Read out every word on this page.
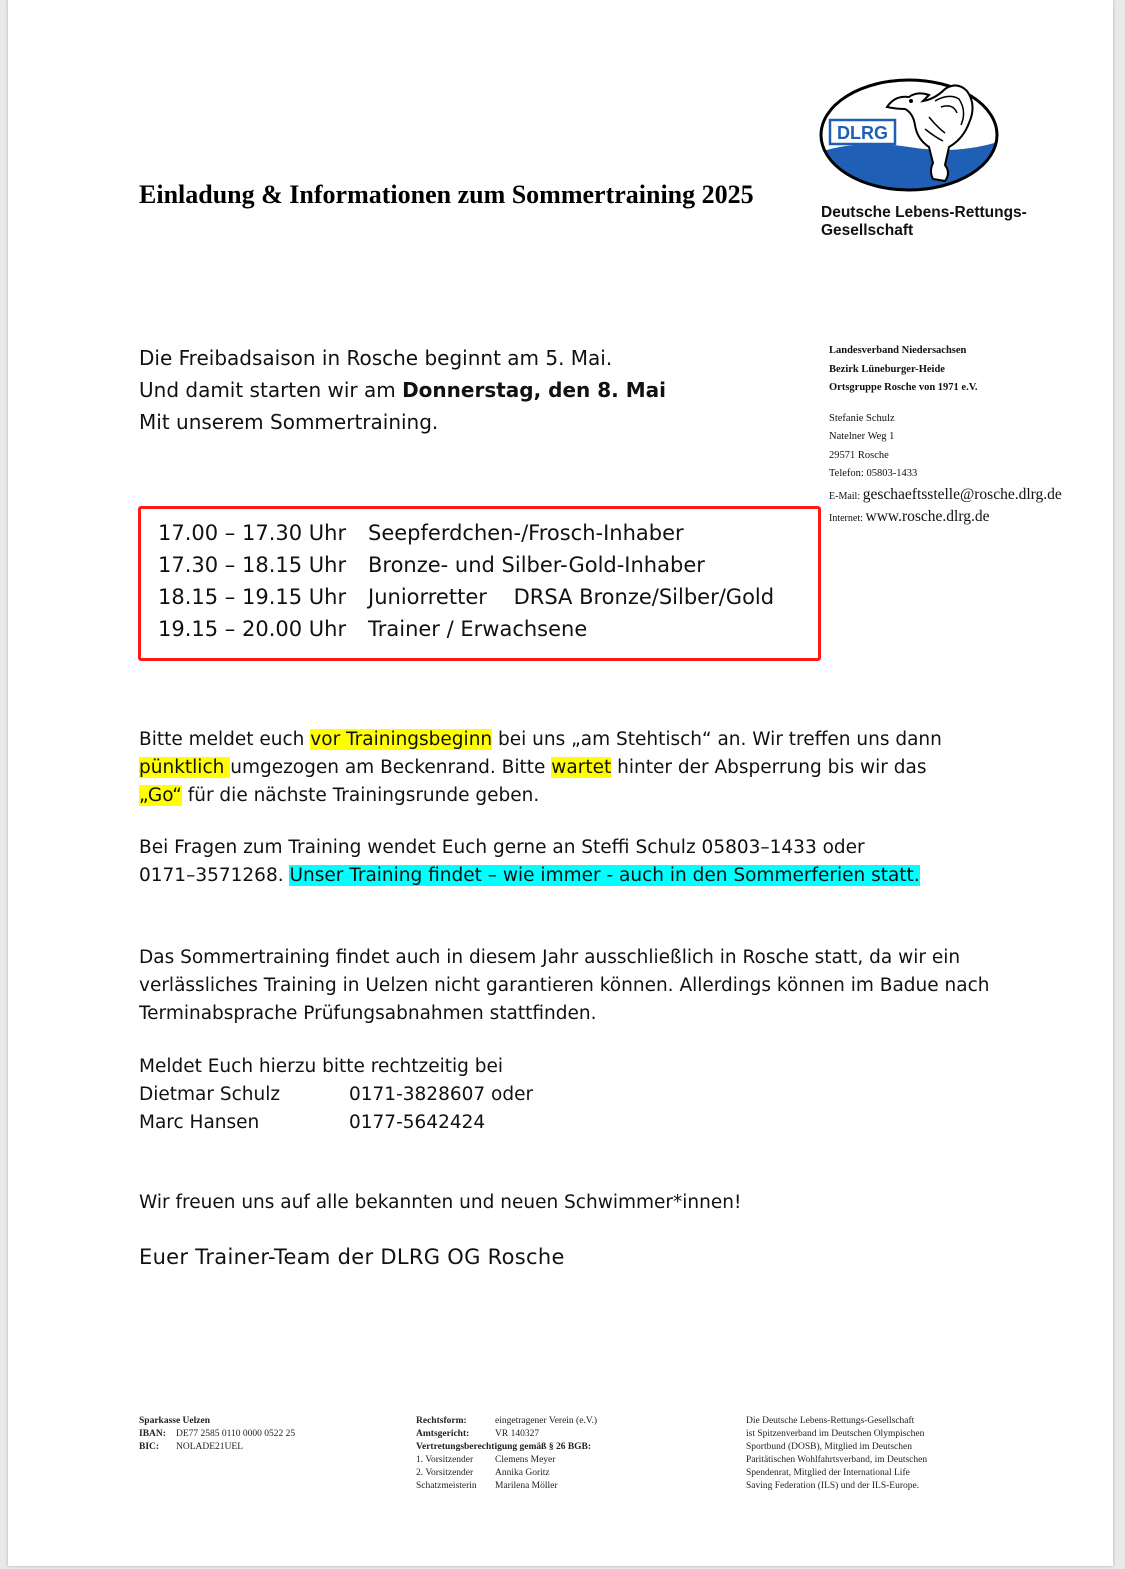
Einladung & Informationen zum Sommertraining 2025
DLRG
Deutsche Lebens-Rettungs-
Gesellschaft
Die Freibadsaison in Rosche beginnt am 5. Mai.
Und damit starten wir am Donnerstag, den 8. Mai
Mit unserem Sommertraining.
Landesverband Niedersachsen
Bezirk Lüneburger-Heide
Ortsgruppe Rosche von 1971 e.V.
Stefanie Schulz
Natelner Weg 1
29571 Rosche
Telefon: 05803-1433
E-Mail: geschaeftsstelle@rosche.dlrg.de
Internet: www.rosche.dlrg.de
17.00 – 17.30 Uhr Seepferdchen-/Frosch-Inhaber
17.30 – 18.15 Uhr Bronze- und Silber-Gold-Inhaber
18.15 – 19.15 Uhr Juniorretter    DRSA Bronze/Silber/Gold
19.15 – 20.00 Uhr Trainer / Erwachsene
Bitte meldet euch vor Trainingsbeginn bei uns „am Stehtisch“ an. Wir treffen uns dann
pünktlich umgezogen am Beckenrand. Bitte wartet hinter der Absperrung bis wir das
„Go“ für die nächste Trainingsrunde geben.
Bei Fragen zum Training wendet Euch gerne an Steffi Schulz 05803–1433 oder
0171–3571268. Unser Training findet – wie immer - auch in den Sommerferien statt.
Das Sommertraining findet auch in diesem Jahr ausschließlich in Rosche statt, da wir ein
verlässliches Training in Uelzen nicht garantieren können. Allerdings können im Badue nach
Terminabsprache Prüfungsabnahmen stattfinden.
Meldet Euch hierzu bitte rechtzeitig bei
Dietmar Schulz	0171-3828607 oder
Marc Hansen	0177-5642424
Wir freuen uns auf alle bekannten und neuen Schwimmer*innen!
Euer Trainer-Team der DLRG OG Rosche
Sparkasse Uelzen
IBAN: DE77 2585 0110 0000 0522 25
BIC: NOLADE21UEL
Rechtsform:	eingetragener Verein (e.V.)
Amtsgericht:	VR 140327
Vertretungsberechtigung gemäß § 26 BGB:
1. Vorsitzender Clemens Meyer
2. Vorsitzender Annika Goritz
Schatzmeisterin Marilena Möller
Die Deutsche Lebens-Rettungs-Gesellschaft
ist Spitzenverband im Deutschen Olympischen
Sportbund (DOSB), Mitglied im Deutschen
Paritätischen Wohlfahrtsverband, im Deutschen
Spendenrat, Mitglied der International Life
Saving Federation (ILS) und der ILS-Europe.
